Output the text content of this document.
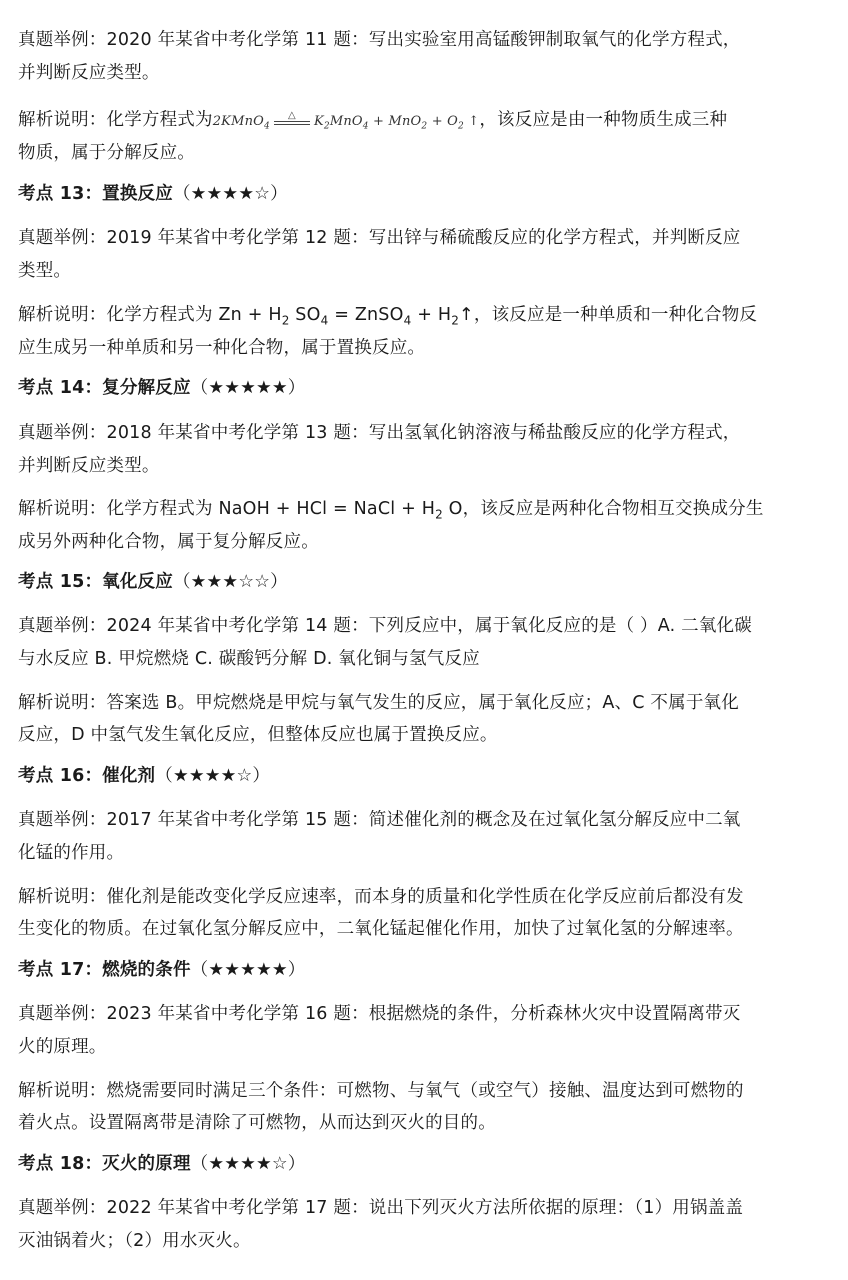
真题举例：2020 年某省中考化学第 11 题：写出实验室用高锰酸钾制取氧气的化学方程式，
并判断反应类型。
解析说明：化学方程式为2KMnO$_4$
△	$K_2MnO_4 + MnO_2 + O_2$ ↑，该反应是由一种物质生成三种
物质，属于分解反应。
考点 13：置换反应（★★★★☆）
真题举例：2019 年某省中考化学第 12 题：写出锌与稀硫酸反应的化学方程式，并判断反应
类型。
解析说明：化学方程式为 $Zn + H_2$ $SO_4$ = ZnSO$_4$ + $H_2↑$，该反应是一种单质和一种化合物反
应生成另一种单质和另一种化合物，属于置换反应。
考点 14：复分解反应（★★★★★）
真题举例：2018 年某省中考化学第 13 题：写出氢氧化钠溶液与稀盐酸反应的化学方程式，
并判断反应类型。
解析说明：化学方程式为 NaOH + HCl = NaCl + $H_2$ O，该反应是两种化合物相互交换成分生
成另外两种化合物，属于复分解反应。
考点 15：氧化反应（★★★☆☆）
真题举例：2024 年某省中考化学第 14 题：下列反应中，属于氧化反应的是（ ）A. 二氧化碳
与水反应 B. 甲烷燃烧 C. 碳酸钙分解 D. 氧化铜与氢气反应
解析说明：答案选 B。甲烷燃烧是甲烷与氧气发生的反应，属于氧化反应；A、C 不属于氧化
反应，D 中氢气发生氧化反应，但整体反应也属于置换反应。
考点 16：催化剂（★★★★☆）
真题举例：2017 年某省中考化学第 15 题：简述催化剂的概念及在过氧化氢分解反应中二氧
化锰的作用。
解析说明：催化剂是能改变化学反应速率，而本身的质量和化学性质在化学反应前后都没有发
生变化的物质。在过氧化氢分解反应中，二氧化锰起催化作用，加快了过氧化氢的分解速率。
考点 17：燃烧的条件（★★★★★）
真题举例：2023 年某省中考化学第 16 题：根据燃烧的条件，分析森林火灾中设置隔离带灭
火的原理。
解析说明：燃烧需要同时满足三个条件：可燃物、与氧气（或空气）接触、温度达到可燃物的
着火点。设置隔离带是清除了可燃物，从而达到灭火的目的。
考点 18：灭火的原理（★★★★☆）
真题举例：2022 年某省中考化学第 17 题：说出下列灭火方法所依据的原理：（1）用锅盖盖
灭油锅着火；（2）用水灭火。
